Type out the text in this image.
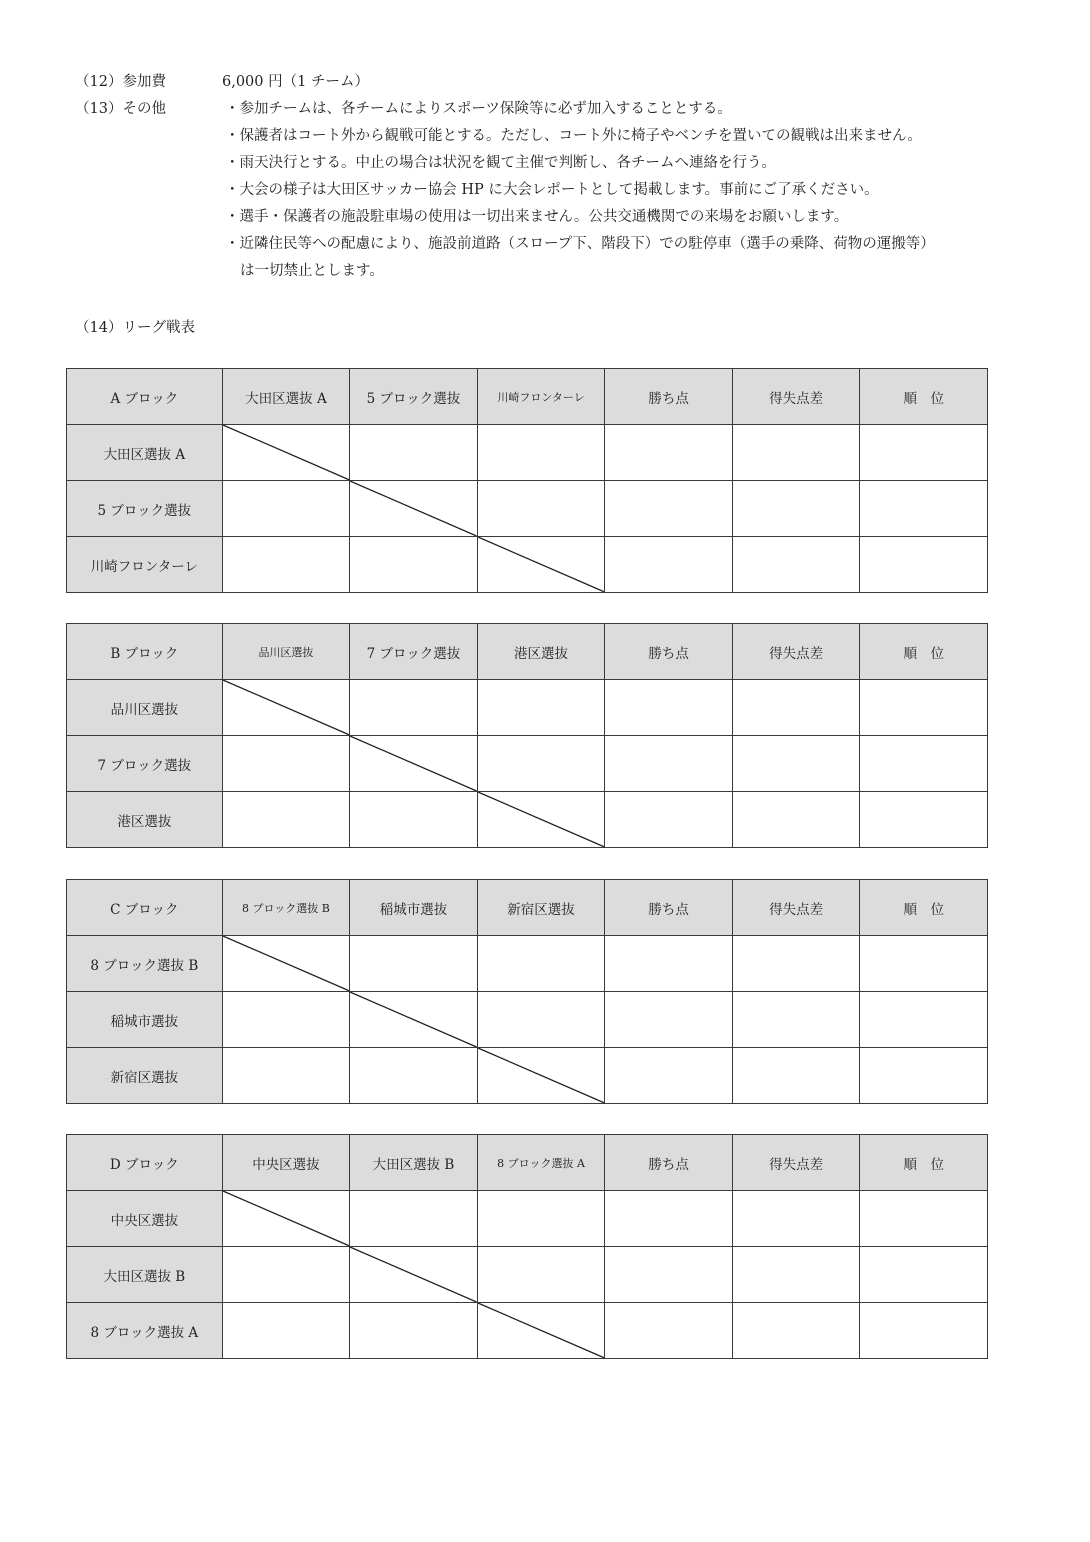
（12）参加費	6,000 円（1 チーム）
（13）その他	・参加チームは、各チームによりスポーツ保険等に必ず加入することとする。
・保護者はコート外から観戦可能とする。ただし、コート外に椅子やベンチを置いての観戦は出来ません。
・雨天決行とする。中止の場合は状況を観て主催で判断し、各チームへ連絡を行う。
・大会の様子は大田区サッカー協会 HP に大会レポートとして掲載します。事前にご了承ください。
・選手・保護者の施設駐車場の使用は一切出来ません。公共交通機関での来場をお願いします。
・近隣住民等への配慮により、施設前道路（スロープ下、階段下）での駐停車（選手の乗降、荷物の運搬等）
は一切禁止とします。
（14）リーグ戦表
A ブロック	大田区選抜 A	5 ブロック選抜	川崎フロンターレ	勝ち点	得失点差	順　位
大田区選抜 A	

5 ブロック選抜		

川崎フロンターレ			

B ブロック	品川区選抜	7 ブロック選抜	港区選抜	勝ち点	得失点差	順　位
品川区選抜	

7 ブロック選抜		

港区選抜			

C ブロック	8 ブロック選抜 B	稲城市選抜	新宿区選抜	勝ち点	得失点差	順　位
8 ブロック選抜 B	

稲城市選抜		

新宿区選抜			

D ブロック	中央区選抜	大田区選抜 B	8 ブロック選抜 A	勝ち点	得失点差	順　位
中央区選抜	

大田区選抜 B		

8 ブロック選抜 A			
